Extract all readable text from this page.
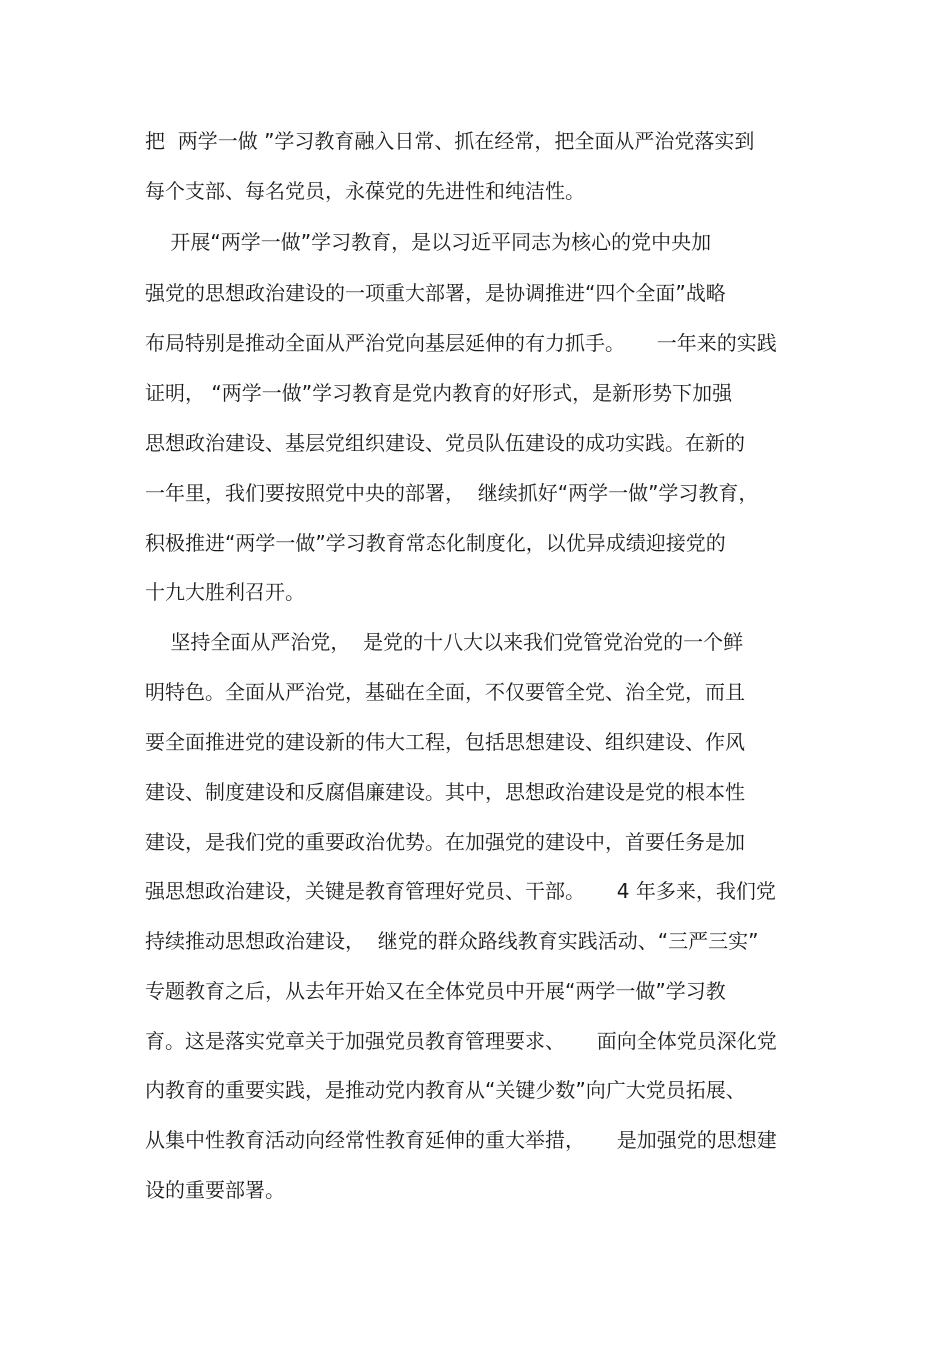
把  两学一做 ”学习教育融入日常、抓在经常，把全面从严治党落实到
每个支部、每名党员，永葆党的先进性和纯洁性。
开展“两学一做”学习教育，是以习近平同志为核心的党中央加
强党的思想政治建设的一项重大部署，是协调推进“四个全面”战略
布局特别是推动全面从严治党向基层延伸的有力抓手。     一年来的实践
证明， “两学一做”学习教育是党内教育的好形式，是新形势下加强
思想政治建设、基层党组织建设、党员队伍建设的成功实践。在新的
一年里，我们要按照党中央的部署，  继续抓好“两学一做”学习教育，
积极推进“两学一做”学习教育常态化制度化，以优异成绩迎接党的
十九大胜利召开。
坚持全面从严治党，  是党的十八大以来我们党管党治党的一个鲜
明特色。全面从严治党，基础在全面，不仅要管全党、治全党，而且
要全面推进党的建设新的伟大工程，包括思想建设、组织建设、作风
建设、制度建设和反腐倡廉建设。其中，思想政治建设是党的根本性
建设，是我们党的重要政治优势。在加强党的建设中，首要任务是加
强思想政治建设，关键是教育管理好党员、干部。     4 年多来，我们党
持续推动思想政治建设，  继党的群众路线教育实践活动、“三严三实”
专题教育之后，从去年开始又在全体党员中开展“两学一做”学习教
育。这是落实党章关于加强党员教育管理要求、     面向全体党员深化党
内教育的重要实践，是推动党内教育从“关键少数”向广大党员拓展、
从集中性教育活动向经常性教育延伸的重大举措，     是加强党的思想建
设的重要部署。
